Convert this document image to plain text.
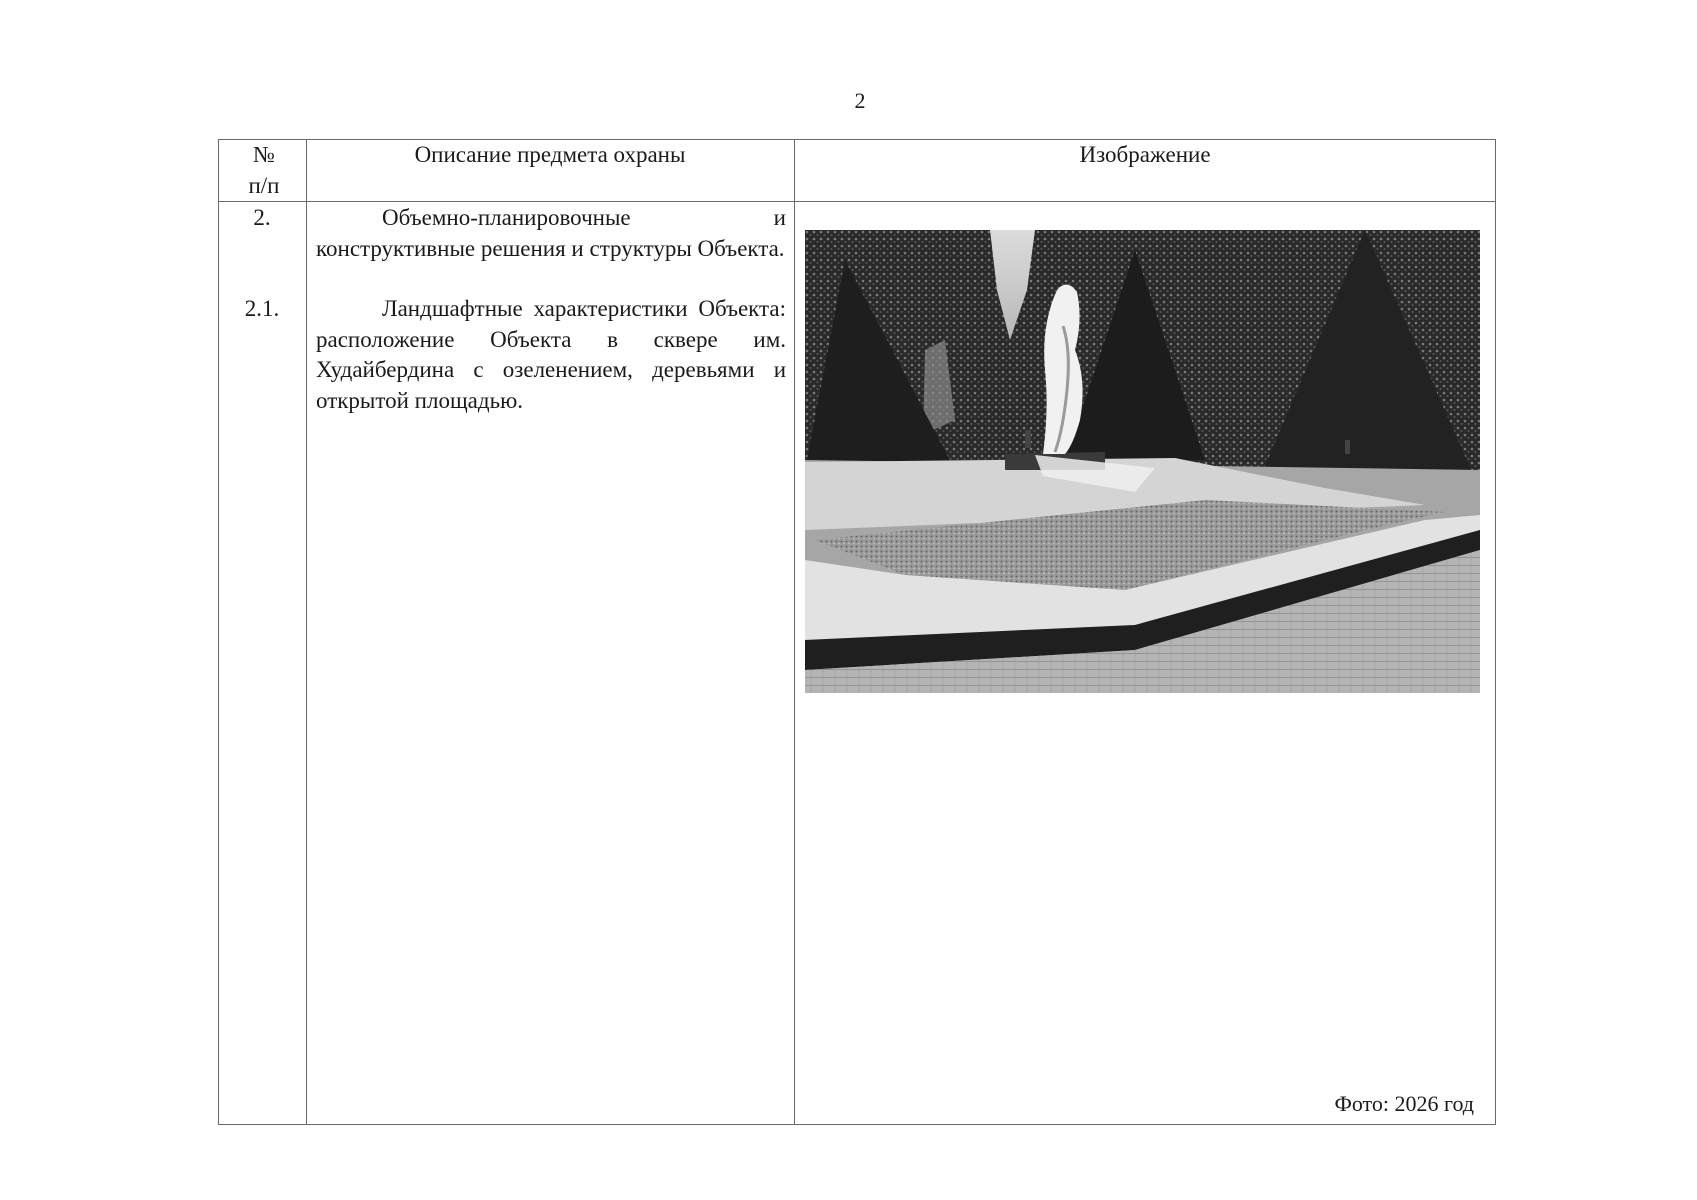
2
№ п/п
Описание предмета охраны	Изображение
2.
2.1.

Объемно-планировочные и конструктивные решения и структуры Объекта.

Ландшафтные характеристики Объекта: расположение Объекта в сквере им. Худайбердина с озеленением, деревьями и открытой площадью.

Фото: 2026 год
